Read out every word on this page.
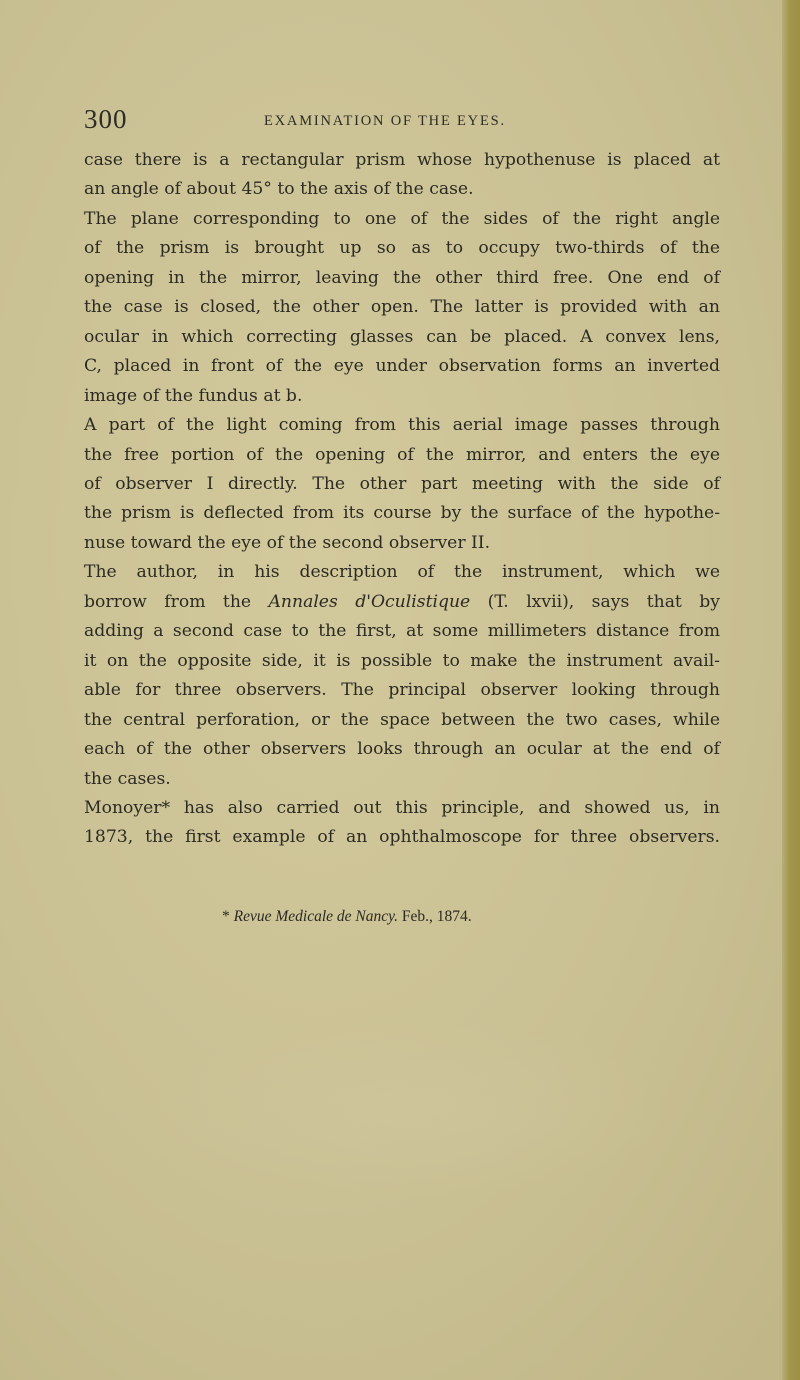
300	EXAMINATION OF THE EYES.
case there is a rectangular prism whose hypothenuse is placed at
an angle of about 45° to the axis of the case.
The plane corresponding to one of the sides of the right angle
of the prism is brought up so as to occupy two-thirds of the
opening in the mirror, leaving the other third free. One end of
the case is closed, the other open. The latter is provided with an
ocular in which correcting glasses can be placed. A convex lens,
C, placed in front of the eye under observation forms an inverted
image of the fundus at b.
A part of the light coming from this aerial image passes through
the free portion of the opening of the mirror, and enters the eye
of observer I directly. The other part meeting with the side of
the prism is deflected from its course by the surface of the hypothe-
nuse toward the eye of the second observer II.
The author, in his description of the instrument, which we
borrow from the Annales d'Oculistique (T. lxvii), says that by
adding a second case to the first, at some millimeters distance from
it on the opposite side, it is possible to make the instrument avail-
able for three observers. The principal observer looking through
the central perforation, or the space between the two cases, while
each of the other observers looks through an ocular at the end of
the cases.
Monoyer* has also carried out this principle, and showed us, in
1873, the first example of an ophthalmoscope for three observers.
* Revue Medicale de Nancy. Feb., 1874.
